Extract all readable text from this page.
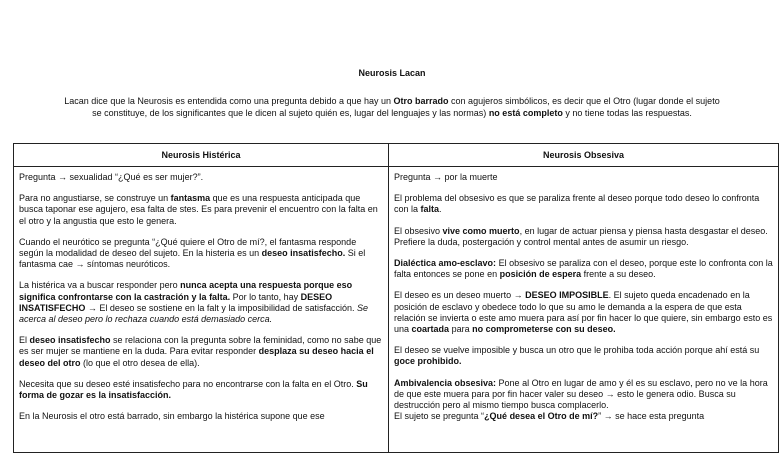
Neurosis Lacan
Lacan dice que la Neurosis es entendida como una pregunta debido a que hay un Otro barrado con agujeros simbólicos, es decir que el Otro (lugar donde el sujeto se constituye, de los significantes que le dicen al sujeto quién es, lugar del lenguajes y las normas) no está completo y no tiene todas las respuestas.
Neurosis Histérica

Pregunta → sexualidad “¿Qué es ser mujer?”.

Para no angustiarse, se construye un fantasma que es una respuesta anticipada que busca taponar ese agujero, esa falta de stes. Es para prevenir el encuentro con la falta en el otro y la angustia que esto le genera.

Cuando el neurótico se pregunta “¿Qué quiere el Otro de mí?, el fantasma responde según la modalidad de deseo del sujeto. En la histeria es un deseo insatisfecho. Si el fantasma cae → síntomas neuróticos.

La histérica va a buscar responder pero nunca acepta una respuesta porque eso significa confrontarse con la castración y la falta. Por lo tanto, hay DESEO INSATISFECHO → El deseo se sostiene en la falt y la imposibilidad de satisfacción. Se acerca al deseo pero lo rechaza cuando está demasiado cerca.

El deseo insatisfecho se relaciona con la pregunta sobre la feminidad, como no sabe que es ser mujer se mantiene en la duda. Para evitar responder desplaza su deseo hacia el deseo del otro (lo que el otro desea de ella).

Necesita que su deseo esté insatisfecho para no encontrarse con la falta en el Otro. Su forma de gozar es la insatisfacción.

En la Neurosis el otro está barrado, sin embargo la histérica supone que ese

Neurosis Obsesiva

Pregunta → por la muerte

El problema del obsesivo es que se paraliza frente al deseo porque todo deseo lo confronta con la falta.

El obsesivo vive como muerto, en lugar de actuar piensa y piensa hasta desgastar el deseo. Prefiere la duda, postergación y control mental antes de asumir un riesgo.

Dialéctica amo-esclavo: El obsesivo se paraliza con el deseo, porque este lo confronta con la falta entonces se pone en posición de espera frente a su deseo.

El deseo es un deseo muerto → DESEO IMPOSIBLE. El sujeto queda encadenado en la posición de esclavo y obedece todo lo que su amo le demanda a la espera de que esta relación se invierta o este amo muera para así por fin hacer lo que quiere, sin embargo esto es una coartada para no comprometerse con su deseo.

El deseo se vuelve imposible y busca un otro que le prohiba toda acción porque ahí está su goce prohibido.

Ambivalencia obsesiva: Pone al Otro en lugar de amo y él es su esclavo, pero no ve la hora de que este muera para por fin hacer valer su deseo → esto le genera odio. Busca su destrucción pero al mismo tiempo busca complacerlo.

El sujeto se pregunta “¿Qué desea el Otro de mí?” → se hace esta pregunta
